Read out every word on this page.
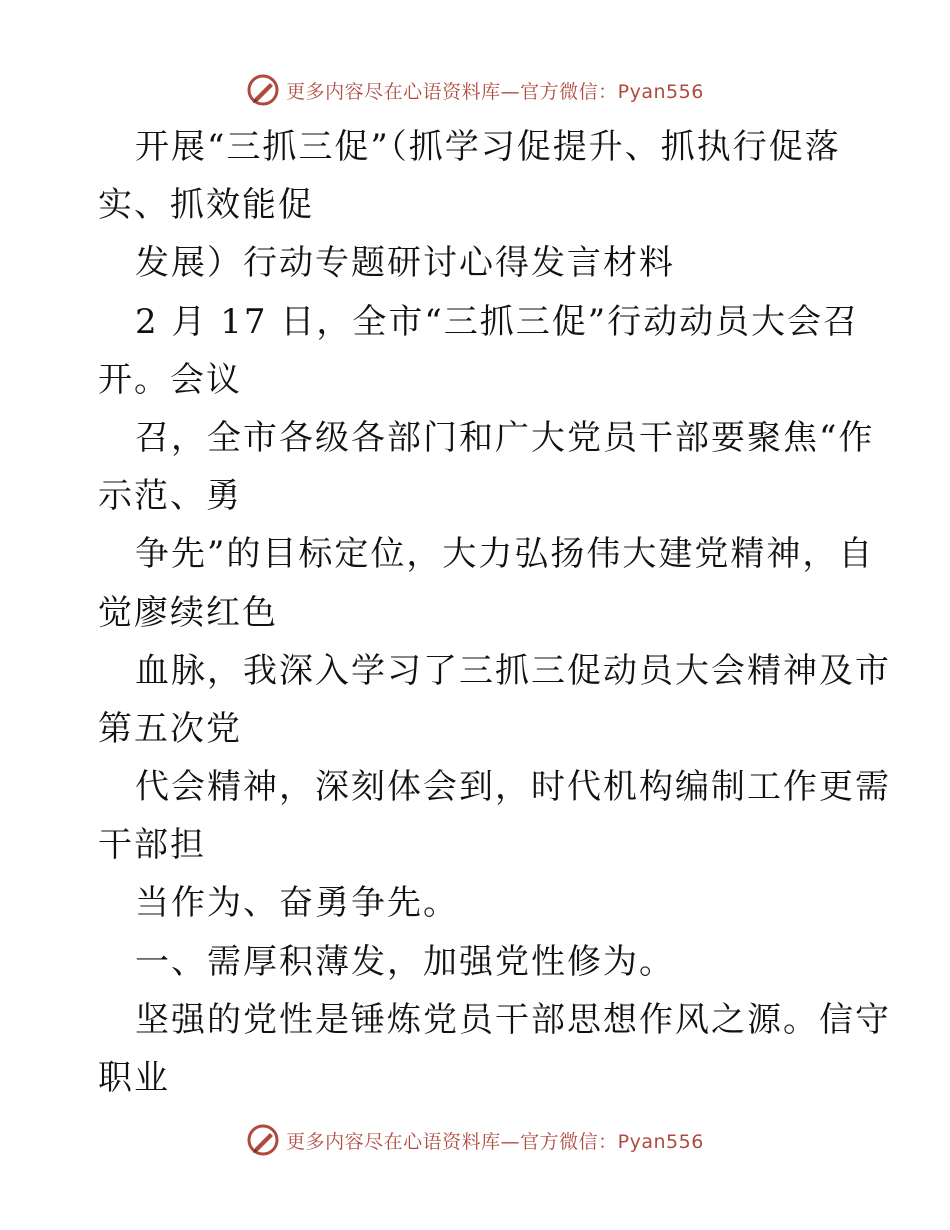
更多内容尽在心语资料库—官方微信：Pyan556
开展“三抓三促”（抓学习促提升、抓执行促落
实、抓效能促
发展）行动专题研讨心得发言材料
2 月 17 日，全市“三抓三促”行动动员大会召
开。会议
召，全市各级各部门和广大党员干部要聚焦“作
示范、勇
争先”的目标定位，大力弘扬伟大建党精神，自
觉廖续红色
血脉，我深入学习了三抓三促动员大会精神及市
第五次党
代会精神，深刻体会到，时代机构编制工作更需
干部担
当作为、奋勇争先。
一、需厚积薄发，加强党性修为。
坚强的党性是锤炼党员干部思想作风之源。信守
职业
更多内容尽在心语资料库—官方微信：Pyan556
